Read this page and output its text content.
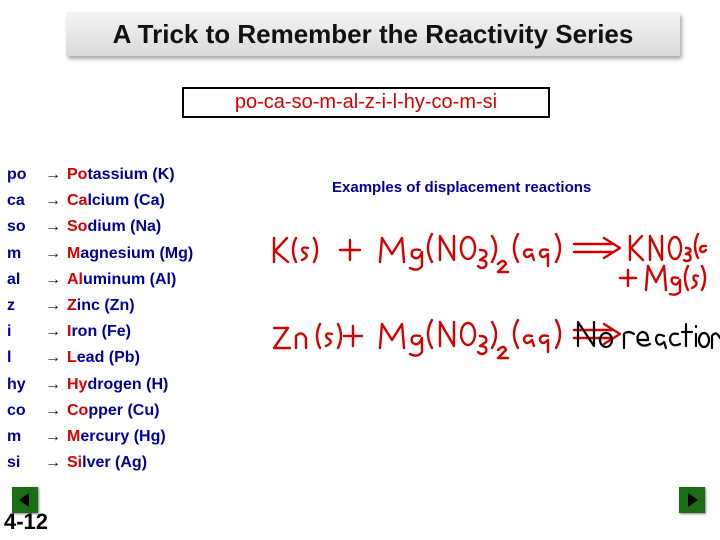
A Trick to Remember the Reactivity Series
po-ca-so-m-al-z-i-l-hy-co-m-si
po → Potassium (K)
ca → Calcium (Ca)
so → Sodium (Na)
m → Magnesium (Mg)
al → Aluminum (Al)
z → Zinc (Zn)
i → Iron (Fe)
l → Lead (Pb)
hy → Hydrogen (H)
co → Copper (Cu)
m → Mercury (Hg)
si → Silver (Ag)
Examples of displacement reactions
4-12
